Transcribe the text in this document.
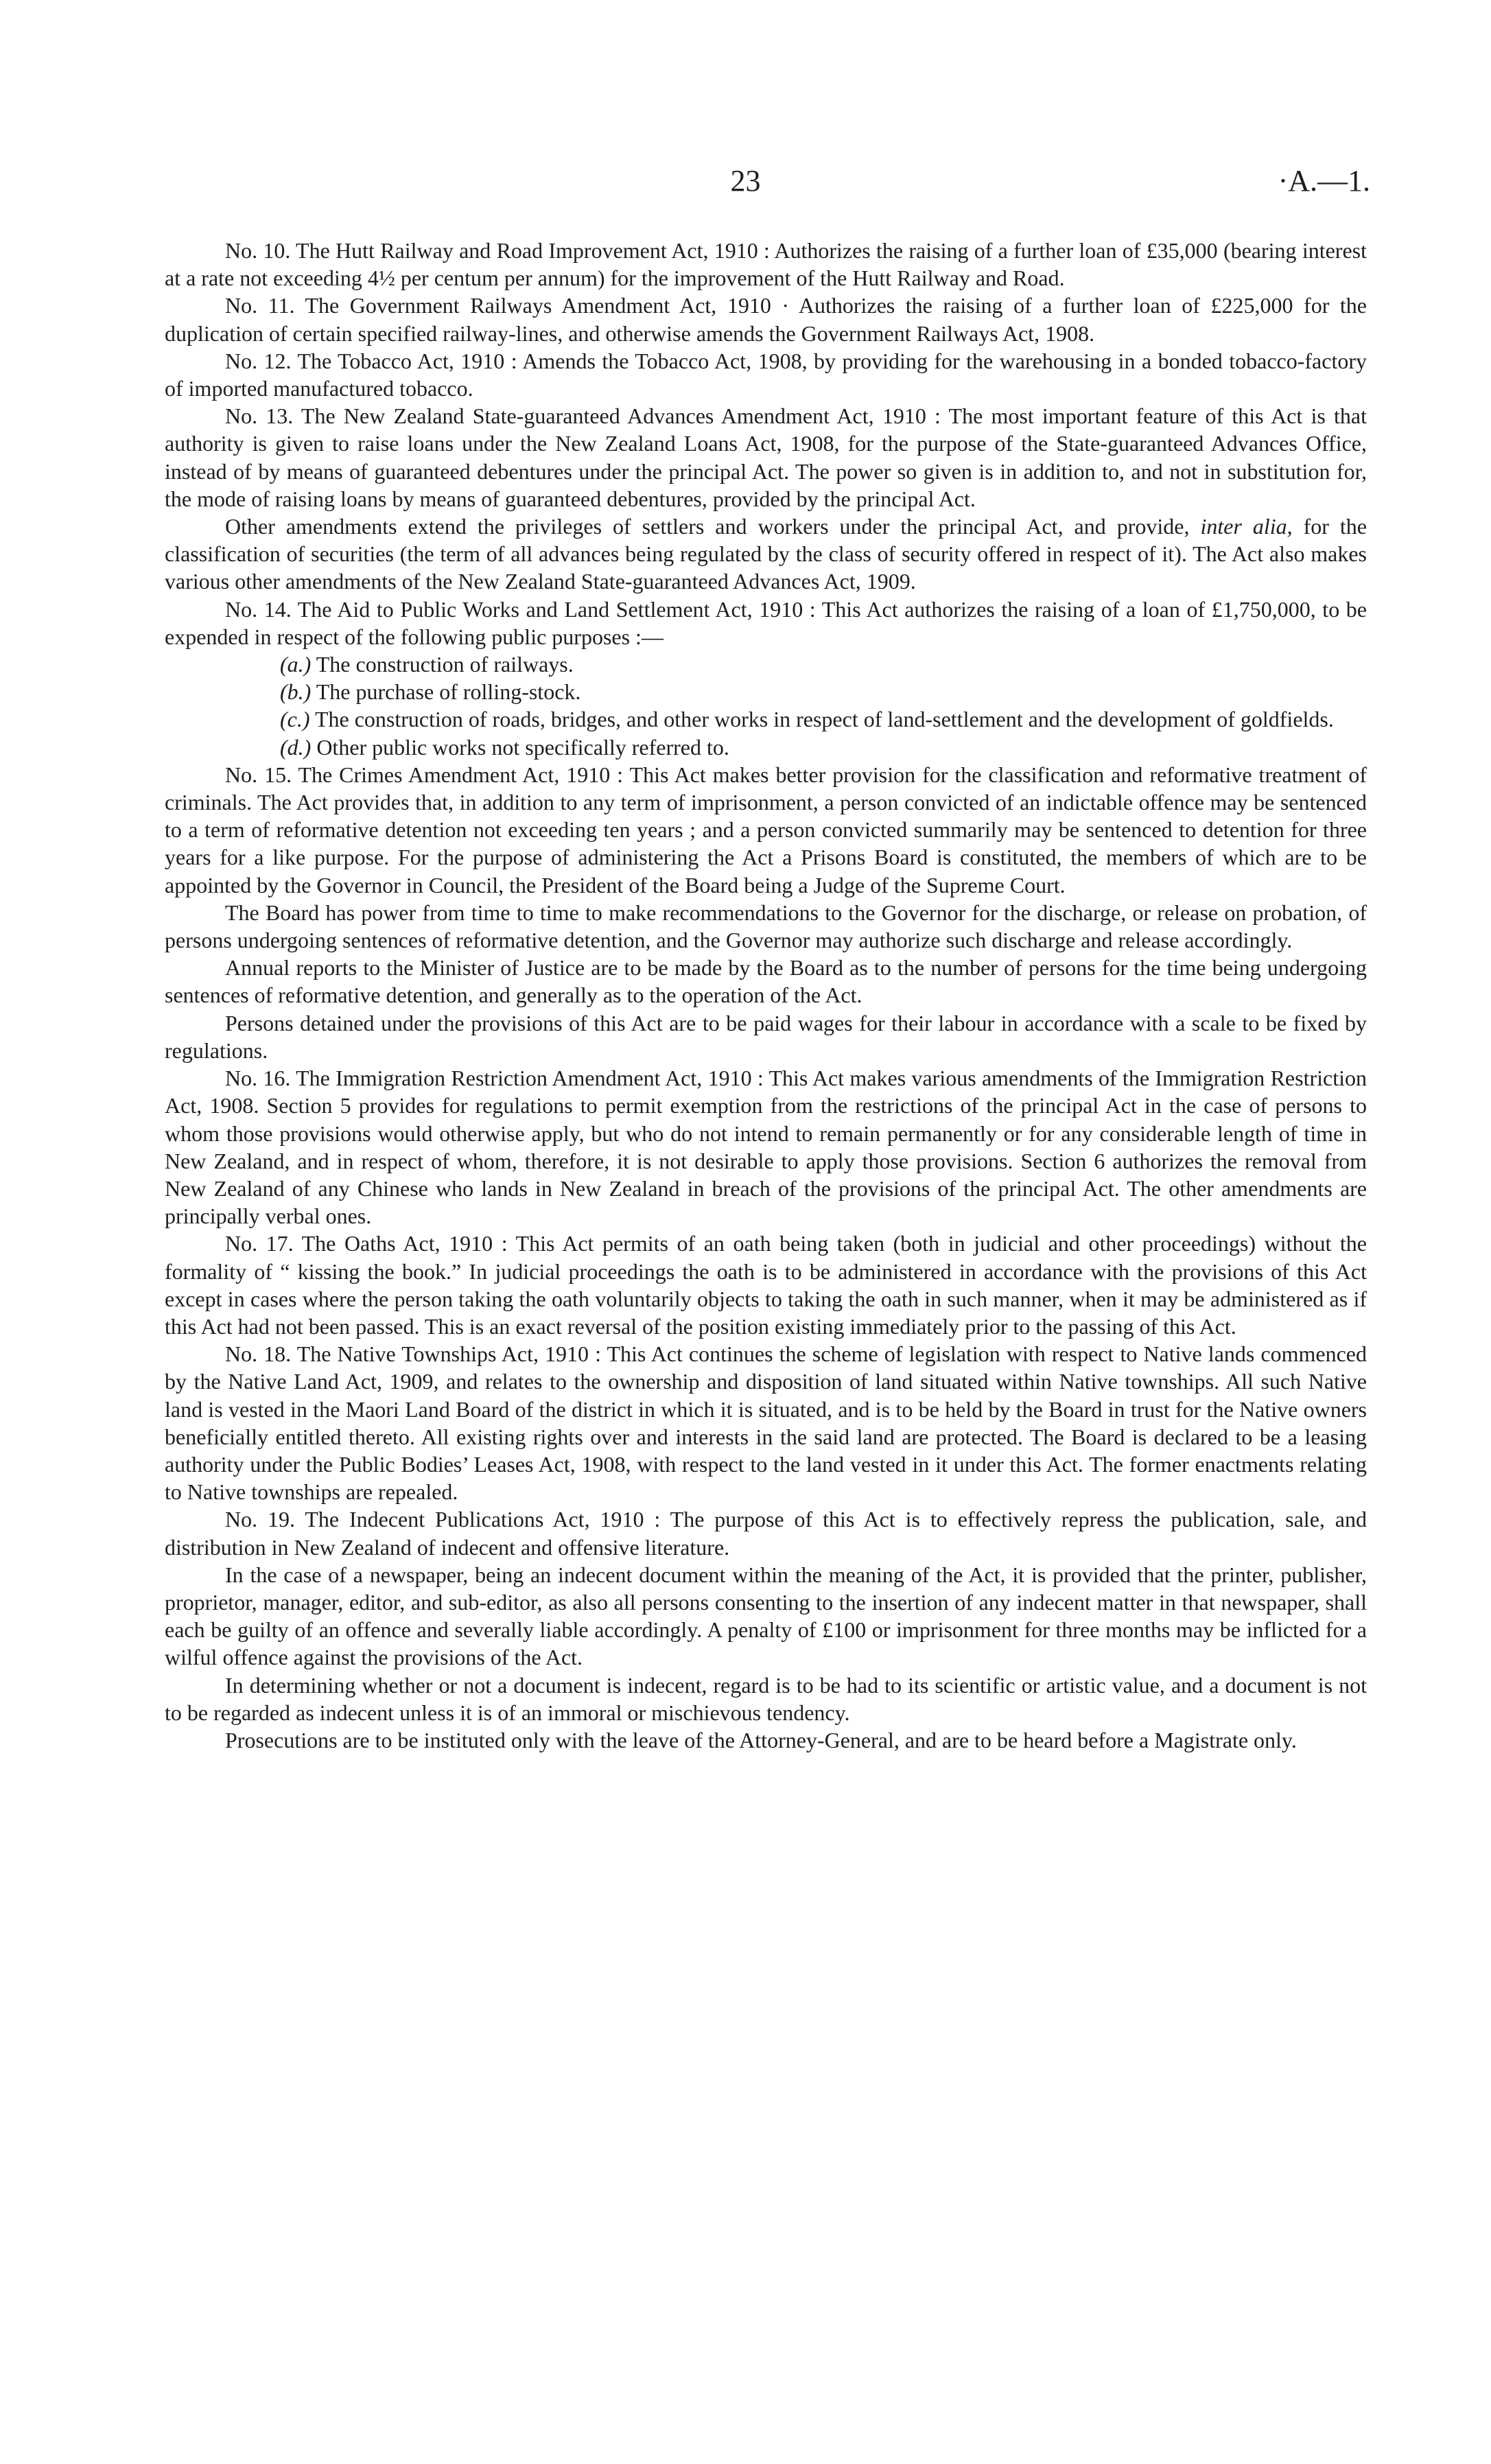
23	·A.—1.

No. 10. The Hutt Railway and Road Improvement Act, 1910 : Authorizes the raising of a further loan of £35,000 (bearing interest at a rate not exceeding 4½ per centum per annum) for the improvement of the Hutt Railway and Road.

No. 11. The Government Railways Amendment Act, 1910 · Authorizes the raising of a further loan of £225,000 for the duplication of certain specified railway-lines, and otherwise amends the Government Railways Act, 1908.

No. 12. The Tobacco Act, 1910 : Amends the Tobacco Act, 1908, by providing for the warehousing in a bonded tobacco-factory of imported manufactured tobacco.

No. 13. The New Zealand State-guaranteed Advances Amendment Act, 1910 : The most important feature of this Act is that authority is given to raise loans under the New Zealand Loans Act, 1908, for the purpose of the State-guaranteed Advances Office, instead of by means of guaranteed debentures under the principal Act. The power so given is in addition to, and not in substitution for, the mode of raising loans by means of guaranteed debentures, provided by the principal Act.

Other amendments extend the privileges of settlers and workers under the principal Act, and provide, inter alia, for the classification of securities (the term of all advances being regulated by the class of security offered in respect of it). The Act also makes various other amendments of the New Zealand State-guaranteed Advances Act, 1909.

No. 14. The Aid to Public Works and Land Settlement Act, 1910 : This Act authorizes the raising of a loan of £1,750,000, to be expended in respect of the following public purposes :—

(a.) The construction of railways.
(b.) The purchase of rolling-stock.
(c.) The construction of roads, bridges, and other works in respect of land-settlement and the development of goldfields.
(d.) Other public works not specifically referred to.

No. 15. The Crimes Amendment Act, 1910 : This Act makes better provision for the classification and reformative treatment of criminals. The Act provides that, in addition to any term of imprisonment, a person convicted of an indictable offence may be sentenced to a term of reformative detention not exceeding ten years ; and a person convicted summarily may be sentenced to detention for three years for a like purpose. For the purpose of administering the Act a Prisons Board is constituted, the members of which are to be appointed by the Governor in Council, the President of the Board being a Judge of the Supreme Court.

The Board has power from time to time to make recommendations to the Governor for the discharge, or release on probation, of persons undergoing sentences of reformative detention, and the Governor may authorize such discharge and release accordingly.

Annual reports to the Minister of Justice are to be made by the Board as to the number of persons for the time being undergoing sentences of reformative detention, and generally as to the operation of the Act.

Persons detained under the provisions of this Act are to be paid wages for their labour in accordance with a scale to be fixed by regulations.

No. 16. The Immigration Restriction Amendment Act, 1910 : This Act makes various amendments of the Immigration Restriction Act, 1908. Section 5 provides for regulations to permit exemption from the restrictions of the principal Act in the case of persons to whom those provisions would otherwise apply, but who do not intend to remain permanently or for any considerable length of time in New Zealand, and in respect of whom, therefore, it is not desirable to apply those provisions. Section 6 authorizes the removal from New Zealand of any Chinese who lands in New Zealand in breach of the provisions of the principal Act. The other amendments are principally verbal ones.

No. 17. The Oaths Act, 1910 : This Act permits of an oath being taken (both in judicial and other proceedings) without the formality of “ kissing the book.” In judicial proceedings the oath is to be administered in accordance with the provisions of this Act except in cases where the person taking the oath voluntarily objects to taking the oath in such manner, when it may be administered as if this Act had not been passed. This is an exact reversal of the position existing immediately prior to the passing of this Act.

No. 18. The Native Townships Act, 1910 : This Act continues the scheme of legislation with respect to Native lands commenced by the Native Land Act, 1909, and relates to the ownership and disposition of land situated within Native townships. All such Native land is vested in the Maori Land Board of the district in which it is situated, and is to be held by the Board in trust for the Native owners beneficially entitled thereto. All existing rights over and interests in the said land are protected. The Board is declared to be a leasing authority under the Public Bodies’ Leases Act, 1908, with respect to the land vested in it under this Act. The former enactments relating to Native townships are repealed.

No. 19. The Indecent Publications Act, 1910 : The purpose of this Act is to effectively repress the publication, sale, and distribution in New Zealand of indecent and offensive literature.

In the case of a newspaper, being an indecent document within the meaning of the Act, it is provided that the printer, publisher, proprietor, manager, editor, and sub-editor, as also all persons consenting to the insertion of any indecent matter in that newspaper, shall each be guilty of an offence and severally liable accordingly. A penalty of £100 or imprisonment for three months may be inflicted for a wilful offence against the provisions of the Act.

In determining whether or not a document is indecent, regard is to be had to its scientific or artistic value, and a document is not to be regarded as indecent unless it is of an immoral or mischievous tendency.

Prosecutions are to be instituted only with the leave of the Attorney-General, and are to be heard before a Magistrate only.
